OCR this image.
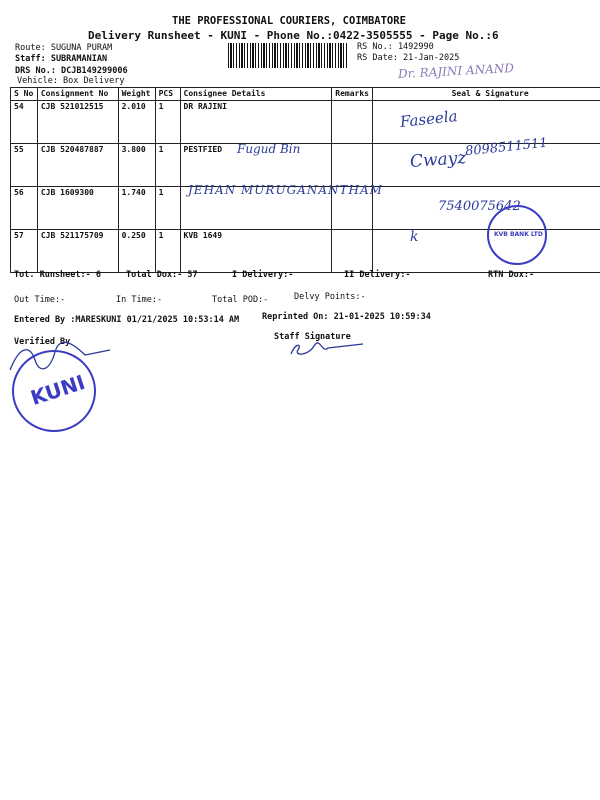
THE PROFESSIONAL COURIERS, COIMBATORE
Delivery Runsheet - KUNI - Phone No.:0422-3505555 - Page No.:6
Route: SUGUNA PURAM
Staff: SUBRAMANIAN
DRS No.: DCJB149299006
Vehicle: Box Delivery
RS No.: 1492990
RS Date: 21-Jan-2025
Dr. RAJINI ANAND
S No	Consignment No	Weight	PCS	Consignee Details	Remarks	Seal & Signature
54	CJB 521012515	2.010	1	DR RAJINI		
55	CJB 520487887	3.800	1	PESTFIED		
56	CJB 1609300	1.740	1			
57	CJB 521175709	0.250	1	KVB 1649		
Faseela
Fugud Bin	Cwayz
8098511511
JEHAN MURUGANANTHAM
7540075642
k	KVB BANK LTD
Tot. Runsheet:- 6	Total Dox:- 57	I Delivery:-	II Delivery:-	RTN Dox:-
Out Time:-	In Time:-	Total POD:-	Delvy Points:-
Entered By :MARESKUNI 01/21/2025 10:53:14 AM	Reprinted On: 21-01-2025 10:59:34
Verified By	Staff Signature
KUNI
